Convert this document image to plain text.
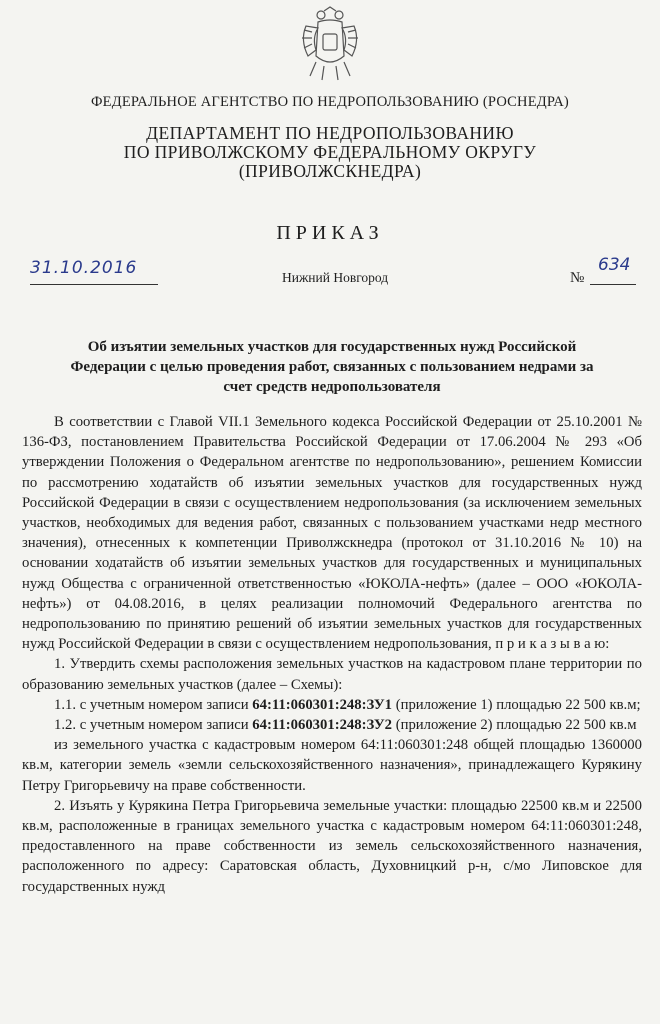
ФЕДЕРАЛЬНОЕ АГЕНТСТВО ПО НЕДРОПОЛЬЗОВАНИЮ (РОСНЕДРА)
ДЕПАРТАМЕНТ ПО НЕДРОПОЛЬЗОВАНИЮ
ПО ПРИВОЛЖСКОМУ ФЕДЕРАЛЬНОМУ ОКРУГУ
(ПРИВОЛЖСКНЕДРА)
ПРИКАЗ
31.10.2016	Нижний Новгород	№
634
Об изъятии земельных участков для государственных нужд Российской
Федерации с целью проведения работ, связанных с пользованием недрами за
счет средств недропользователя

В соответствии с Главой VII.1 Земельного кодекса Российской Федерации от 25.10.2001 № 136-ФЗ, постановлением Правительства Российской Федерации от 17.06.2004 № 293 «Об утверждении Положения о Федеральном агентстве по недропользованию», решением Комиссии по рассмотрению ходатайств об изъятии земельных участков для государственных нужд Российской Федерации в связи с осуществлением недропользования (за исключением земельных участков, необходимых для ведения работ, связанных с пользованием участками недр местного значения), отнесенных к компетенции Приволжскнедра (протокол от 31.10.2016 № 10) на основании ходатайств об изъятии земельных участков для государственных и муниципальных нужд Общества с ограниченной ответственностью «ЮКОЛА-нефть» (далее – ООО «ЮКОЛА-нефть») от 04.08.2016, в целях реализации полномочий Федерального агентства по недропользованию по принятию решений об изъятии земельных участков для государственных нужд Российской Федерации в связи с осуществлением недропользования, п р и к а з ы в а ю:

1. Утвердить схемы расположения земельных участков на кадастровом плане территории по образованию земельных участков (далее – Схемы):

1.1. с учетным номером записи 64:11:060301:248:ЗУ1 (приложение 1) площадью 22 500 кв.м;

1.2. с учетным номером записи 64:11:060301:248:ЗУ2 (приложение 2) площадью 22 500 кв.м

из земельного участка с кадастровым номером 64:11:060301:248 общей площадью 1360000 кв.м, категории земель «земли сельскохозяйственного назначения», принадлежащего Курякину Петру Григорьевичу на праве собственности.

2. Изъять у Курякина Петра Григорьевича земельные участки: площадью 22500 кв.м и 22500 кв.м, расположенные в границах земельного участка с кадастровым номером 64:11:060301:248, предоставленного на праве собственности из земель сельскохозяйственного назначения, расположенного по адресу: Саратовская область, Духовницкий р-н, с/мо Липовское для государственных нужд
